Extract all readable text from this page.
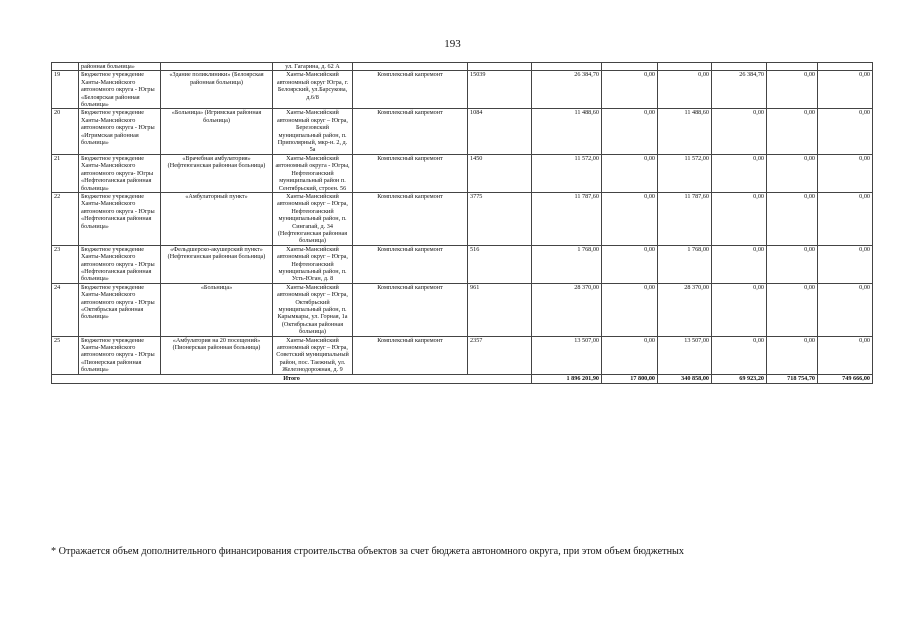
193
	районная больница»		ул. Гагарина, д. 62 А								
19	Бюджетное учреждение Ханты-Мансийского автономного округа - Югры «Белоярская районная больница»	«Здание поликлиники» (Белоярская районная больница)	Ханты-Мансийский автономный округ Югра, г. Белоярский, ул.Барсукова, д.6/8	Комплексный капремонт	15039	26 384,70	0,00	0,00	26 384,70	0,00	0,00
20	Бюджетное учреждение Ханты-Мансийского автономного округа - Югры «Игримская районная больница»	«Больница» (Игримская районная больница)	Ханты-Мансийский автономный округ – Югра, Березовский муниципальный район, п. Приполярный, мкр-н. 2, д. 5а	Комплексный капремонт	1084	11 488,60	0,00	11 488,60	0,00	0,00	0,00
21	Бюджетное учреждение Ханты-Мансийского автономного округа- Югры «Нефтеюганская районная больница»	«Врачебная амбулатория» (Нефтеюганская районная больница)	Ханты-Мансийский автономный округа - Югры, Нефтеюганский муниципальный район п. Сентябрьский, строен. 56	Комплексный капремонт	1450	11 572,00	0,00	11 572,00	0,00	0,00	0,00
22	Бюджетное учреждение Ханты-Мансийского автономного округа - Югры «Нефтеюганская районная больница»	«Амбулаторный пункт»	Ханты-Мансийский автономный округ – Югра, Нефтеюганский муниципальный район, п. Сингапай, д. 34 (Нефтеюганская районная больница)	Комплексный капремонт	3775	11 787,60	0,00	11 787,60	0,00	0,00	0,00
23	Бюджетное учреждение Ханты-Мансийского автономного округа - Югры «Нефтеюганская районная больница»	«Фельдшерско-акушерский пункт» (Нефтеюганская районная больница)	Ханты-Мансийский автономный округ – Югра, Нефтеюганский муниципальный район, п. Усть-Юган, д. 8	Комплексный капремонт	516	1 768,00	0,00	1 768,00	0,00	0,00	0,00
24	Бюджетное учреждение Ханты-Мансийского автономного округа - Югры «Октябрьская районная больница»	«Больница»	Ханты-Мансийский автономный округ – Югра, Октябрьский муниципальный район, п. Карымкары, ул. Горная, 1а (Октябрьская районная больница)	Комплексный капремонт	961	28 370,00	0,00	28 370,00	0,00	0,00	0,00
25	Бюджетное учреждение Ханты-Мансийского автономного округа - Югры «Пионерская районная больница»	«Амбулатория на 20 посещений» (Пионерская районная больница)	Ханты-Мансийский автономный округ – Югра, Советский муниципальный район, пос. Таежный, ул. Железнодорожная, д. 9	Комплексный капремонт	2357	13 507,00	0,00	13 507,00	0,00	0,00	0,00
Итого						1 896 201,90	17 800,00	340 858,00	69 923,20	718 754,70	749 666,00
* Отражается объем дополнительного финансирования строительства объектов за счет бюджета автономного округа, при этом объем бюджетных
